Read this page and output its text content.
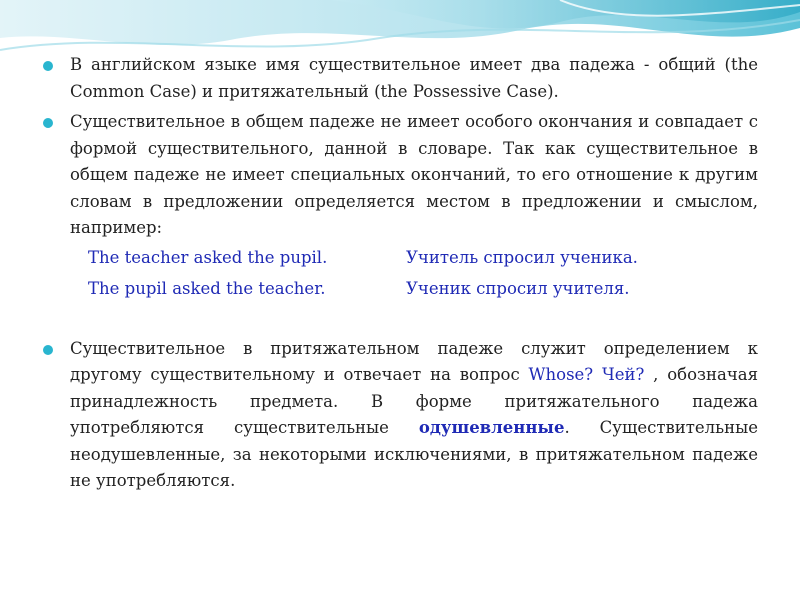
В английском языке имя существительное имеет два падежа - общий (the Common Case) и притяжательный (the Possessive Case).
Существительное в общем падеже не имеет особого окончания и совпадает с формой существительного, данной в словаре. Так как существительное в общем падеже не имеет специальных окончаний, то его отношение к другим словам в предложении определяется местом в предложении и смыслом, например:
The teacher asked the pupil.	Учитель спросил ученика.
The pupil asked the teacher.	Ученик спросил учителя.
Существительное в притяжательном падеже служит определением к другому существительному и отвечает на вопрос Whose? Чей? , обозначая принадлежность предмета. В форме притяжательного падежа употребляются существительные одушевленные. Существительные неодушевленные, за некоторыми исключениями, в притяжательном падеже не употребляются.
